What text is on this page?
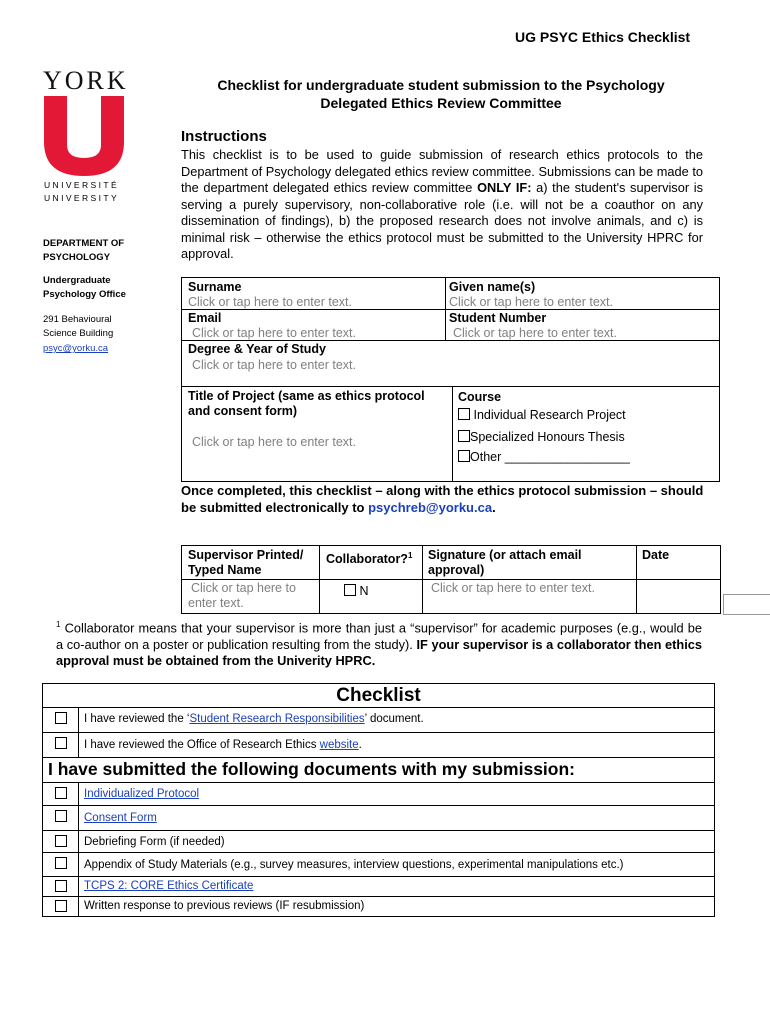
UG PSYC Ethics Checklist
YORK
UNIVERSITÉ
UNIVERSITY
DEPARTMENT OF
PSYCHOLOGY
Undergraduate
Psychology Office
291 Behavioural
Science Building
psyc@yorku.ca
Checklist for undergraduate student submission to the Psychology
Delegated Ethics Review Committee
Instructions
This checklist is to be used to guide submission of research ethics protocols to the Department of Psychology delegated ethics review committee. Submissions can be made to the department delegated ethics review committee ONLY IF: a) the student's supervisor is serving a purely supervisory, non-collaborative role (i.e. will not be a coauthor on any dissemination of findings), b) the proposed research does not involve animals, and c) is minimal risk – otherwise the ethics protocol must be submitted to the University HPRC for approval.
Surname
Click or tap here to enter text.
Given name(s)
Click or tap here to enter text.
Email
Click or tap here to enter text.
Student Number
Click or tap here to enter text.
Degree & Year of Study
Click or tap here to enter text.
Title of Project (same as ethics protocol
and consent form)
Click or tap here to enter text.
Course
Individual Research Project
Specialized Honours Thesis
Other __________________
Once completed, this checklist – along with the ethics protocol submission – should be submitted electronically to psychreb@yorku.ca.
Supervisor Printed/
Typed Name
Collaborator?$^1$ Signature (or attach email
approval)
Date
Click or tap here to
enter text.
N	Click or tap here to enter text.
$^1$ Collaborator means that your supervisor is more than just a “supervisor” for academic purposes (e.g., would be a co-author on a poster or publication resulting from the study). IF your supervisor is a collaborator then ethics approval must be obtained from the Univerity HPRC.
Checklist
I have reviewed the ‘Student Research Responsibilities’ document.
I have reviewed the Office of Research Ethics website.
I have submitted the following documents with my submission:
Individualized Protocol
Consent Form
Debriefing Form (if needed)
Appendix of Study Materials (e.g., survey measures, interview questions, experimental manipulations etc.)
TCPS 2: CORE Ethics Certificate
Written response to previous reviews (IF resubmission)
